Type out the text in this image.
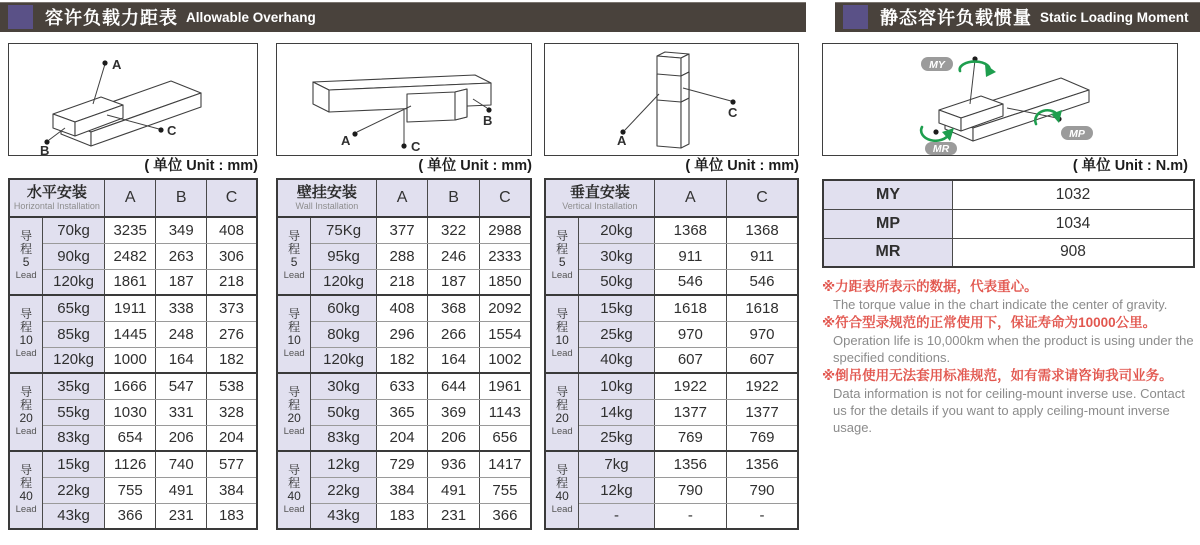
容许负载力距表 Allowable Overhang	静态容许负载惯量 Static Loading Moment
A
B
C
( 单位 Unit : mm)
水平安装
Horizontal Installation		A	B	C

导
程
5
Lead	70kg	3235	349	408
	90kg	2482	263	306
	120kg	1861	187	218

导
程
10
Lead	65kg	1911	338	373
	85kg	1445	248	276
	120kg	1000	164	182

导
程
20
Lead	35kg	1666	547	538
	55kg	1030	331	328
	83kg	654	206	204

导
程
40
Lead	15kg	1126	740	577
	22kg	755	491	384
	43kg	366	231	183
A
B
C
( 单位 Unit : mm)
壁挂安装
Wall Installation		A	B	C

导
程
5
Lead	75Kg	377	322	2988
	95kg	288	246	2333
	120kg	218	187	1850

导
程
10
Lead	60kg	408	368	2092
	80kg	296	266	1554
	120kg	182	164	1002

导
程
20
Lead	30kg	633	644	1961
	50kg	365	369	1143
	83kg	204	206	656

导
程
40
Lead	12kg	729	936	1417
	22kg	384	491	755
	43kg	183	231	366
A
C
( 单位 Unit : mm)
垂直安装
Vertical Installation		A	C

导
程
5
Lead	20kg	1368	1368
	30kg	911	911
	50kg	546	546

导
程
10
Lead	15kg	1618	1618
	25kg	970	970
	40kg	607	607

导
程
20
Lead	10kg	1922	1922
	14kg	1377	1377
	25kg	769	769

导
程
40
Lead	7kg	1356	1356
	12kg	790	790
	-	-	-
MY
MP
MR
( 单位 Unit : N.m)
MY	1032
MP	1034
MR	908
※力距表所表示的数据，代表重心。
The torque value in the chart indicate the center of gravity.
※符合型录规范的正常使用下，保证寿命为10000公里。
Operation life is 10,000km when the product is using under the specified conditions.
※倒吊使用无法套用标准规范，如有需求请咨询我司业务。
Data information is not for ceiling-mount inverse use. Contact us for the details if you want to apply ceiling-mount inverse usage.
